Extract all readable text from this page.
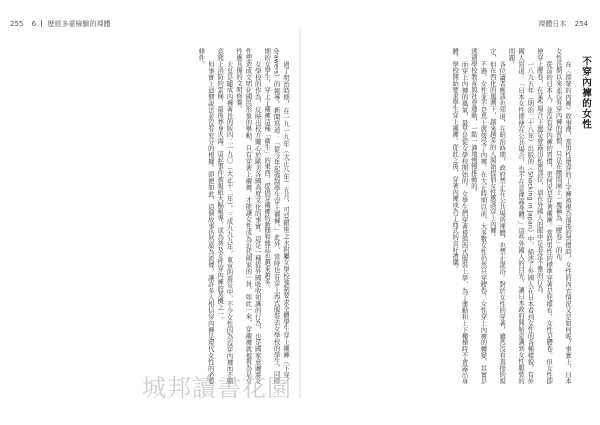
255 6 歷經多重檢驗的裸體

過了明治時期，在一九一九年（大正八年）五月，可見銀座之水附屬女學校強制要求全體學生穿上襯褲（下穿／drawers）的報導。新聞寫道：「從今年起強制學生穿上襯褲。」此外，當時也有穿上西式服裝去女學校的學生。同時期的女學生，穿上了襯褲這種「衛生」的東西，提倡穿襯褲的新聞和雜誌也越來越多。

女學校的作為，反映出校方關心於歐美各國高度文化的事實。這是一種從外國吸收知識的行為，也是國家意圖將女性塑造成文明化國民形象的舉動。只有穿著上襯褲，才能讓女性成為近代國家的一員。如此一來，穿襯褲就被視為是女性應具備的文明修養。

天皇是隨成內褲著長的版四二一九〇（大正十二年）。三成九九九年，東京的震災中，不少女性因為沒穿內褲而不願意爬上消防的雲梯，最後葬身火海。這起事件被報紙大幅報導，成為普及女性穿內褲的契機之一。

但事實上這個說法並沒有充分的根據。即便如此，這個故事仍然廣為流傳，讓許多人相信穿內褲是現代女性的必要條件。

裸體日本 254

在〈群眾的內褲〉故事裡，當男性還穿的丁字褲被視為落後的習慣時，女性的內衣情況又是如何呢？事實上，日本女性長期以來並沒有穿內褲的習慣，只是在腰間圍上一塊稱為「腰卷」的布。

從前的日本人，並沒有穿內褲的習慣，更何況是穿著襯褲。當時男性的標準穿著是兜襠布，女性是腰卷。但女性即使穿上腰卷，在某些場合下還是會露出私密部位，這在外國人的眼中是非常不雅的行為。

一八九五年（明治二十八年）出版的《Shocking in Japan》中，描述了外國人在日本看到女性的各種樣貌。有外國人寫道：「日本女性即使在公共場合，也不在意裸露身體。」這些外國人的目光，讓日本政府開始意識到女性服裝的問題。

各位讀者應該也知道，在明治時期，政府禁止在公共場所裸體，也禁止混浴。對於女性的穿著，雖然沒有直接的規定，但在西化的風潮下，越來越多的人開始提倡女性應該穿上內褲。

不過，女性並不是馬上就接受了內褲。在大正時期以前，大多數女性仍然只穿腰卷。女性穿上內褲的轉變，其實是透過學校教育與社會運動，一點一滴地慢慢推動的。

而穿上內褲的風氣，最早是從女學校開始的。女學生們穿著袴與西式服裝上學，為了運動和上下樓梯時不會露出身體，學校開始要求學生穿上襯褲。從此之後，穿著內褲成為了西式的良好禮儀。	不穿內褲的女性
城邦讀書花園
